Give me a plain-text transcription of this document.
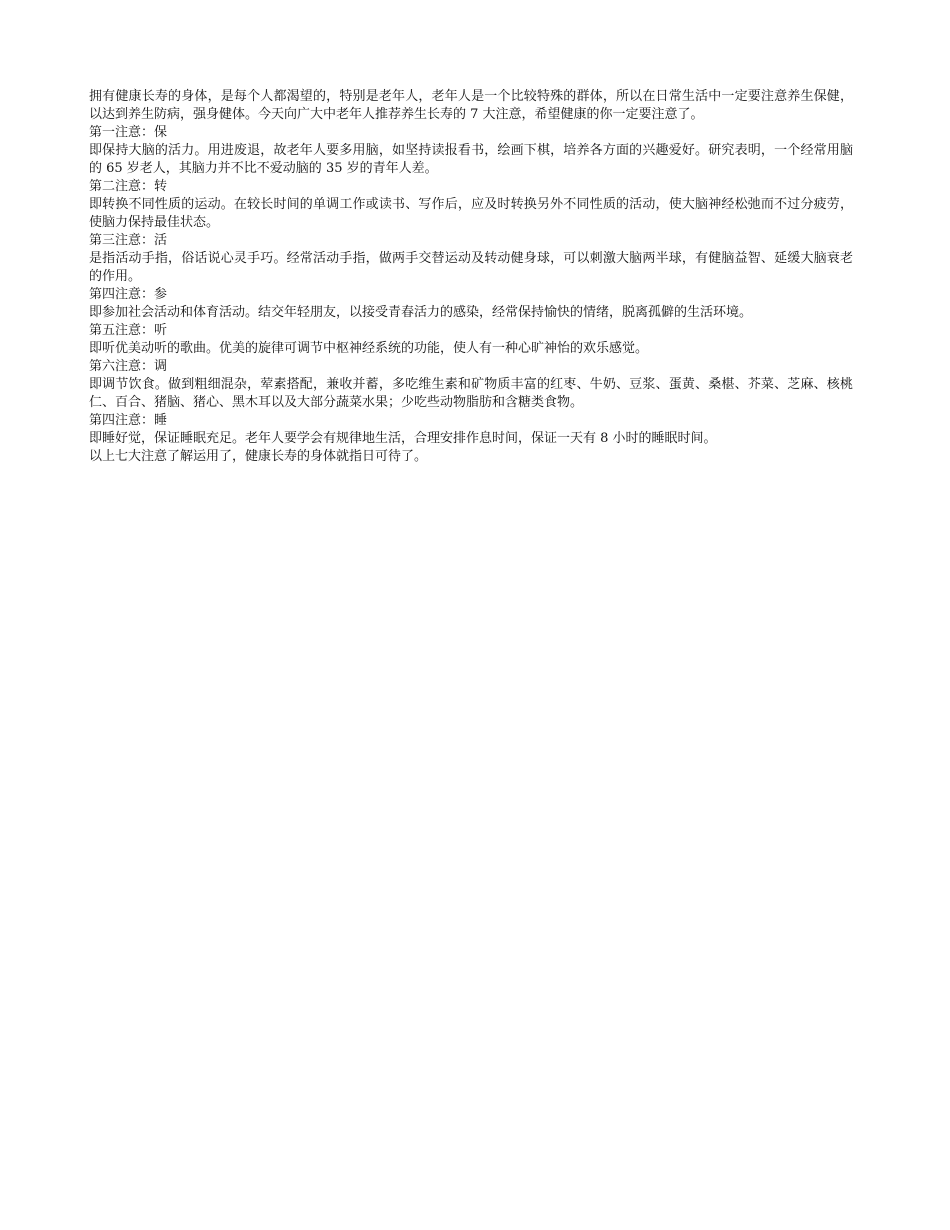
拥有健康长寿的身体，是每个人都渴望的，特别是老年人，老年人是一个比较特殊的群体，所以在日常生活中一定要注意养生保健，以达到养生防病，强身健体。今天向广大中老年人推荐养生长寿的 7 大注意，希望健康的你一定要注意了。

第一注意：保

即保持大脑的活力。用进废退，故老年人要多用脑，如坚持读报看书，绘画下棋，培养各方面的兴趣爱好。研究表明，一个经常用脑的 65 岁老人，其脑力并不比不爱动脑的 35 岁的青年人差。

第二注意：转

即转换不同性质的运动。在较长时间的单调工作或读书、写作后，应及时转换另外不同性质的活动，使大脑神经松弛而不过分疲劳，使脑力保持最佳状态。

第三注意：活

是指活动手指，俗话说心灵手巧。经常活动手指，做两手交替运动及转动健身球，可以刺激大脑两半球，有健脑益智、延缓大脑衰老的作用。

第四注意：参

即参加社会活动和体育活动。结交年轻朋友，以接受青春活力的感染，经常保持愉快的情绪，脱离孤僻的生活环境。

第五注意：听

即听优美动听的歌曲。优美的旋律可调节中枢神经系统的功能，使人有一种心旷神怡的欢乐感觉。

第六注意：调

即调节饮食。做到粗细混杂，荤素搭配，兼收并蓄，多吃维生素和矿物质丰富的红枣、牛奶、豆浆、蛋黄、桑椹、芥菜、芝麻、核桃仁、百合、猪脑、猪心、黑木耳以及大部分蔬菜水果；少吃些动物脂肪和含糖类食物。

第四注意：睡

即睡好觉，保证睡眠充足。老年人要学会有规律地生活，合理安排作息时间，保证一天有 8 小时的睡眠时间。

以上七大注意了解运用了，健康长寿的身体就指日可待了。
